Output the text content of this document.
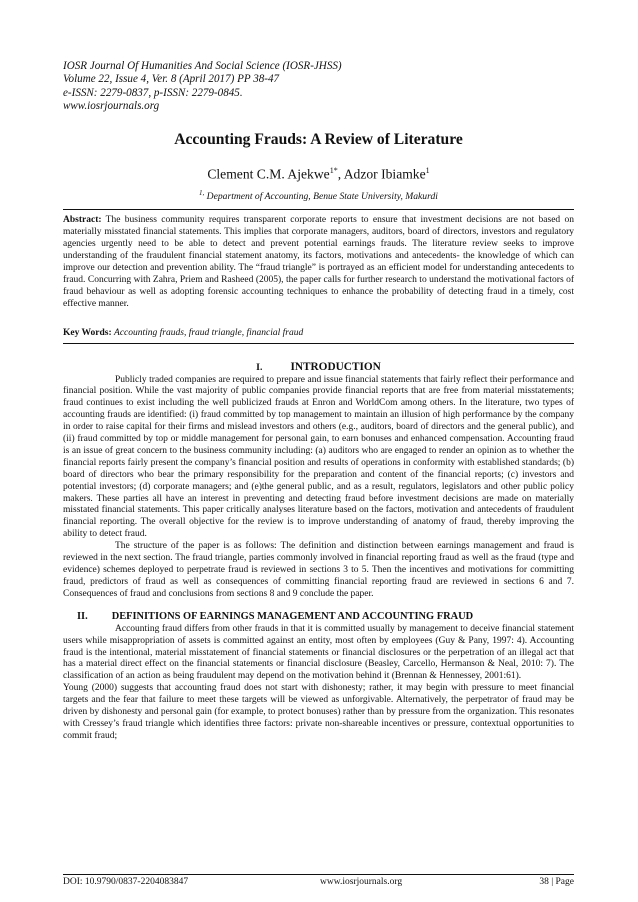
IOSR Journal Of Humanities And Social Science (IOSR-JHSS)
Volume 22, Issue 4, Ver. 8 (April 2017) PP 38-47
e-ISSN: 2279-0837, p-ISSN: 2279-0845.
www.iosrjournals.org
Accounting Frauds: A Review of Literature
Clement C.M. Ajekwe$^{1*}$, Adzor Ibiamke$^1$
$^{1,}$ Department of Accounting, Benue State University, Makurdi
Abstract: The business community requires transparent corporate reports to ensure that investment decisions are not based on materially misstated financial statements. This implies that corporate managers, auditors, board of directors, investors and regulatory agencies urgently need to be able to detect and prevent potential earnings frauds. The literature review seeks to improve understanding of the fraudulent financial statement anatomy, its factors, motivations and antecedents- the knowledge of which can improve our detection and prevention ability. The “fraud triangle” is portrayed as an efficient model for understanding antecedents to fraud. Concurring with Zahra, Priem and Rasheed (2005), the paper calls for further research to understand the motivational factors of fraud behaviour as well as adopting forensic accounting techniques to enhance the probability of detecting fraud in a timely, cost effective manner.
Key Words: Accounting frauds, fraud triangle, financial fraud
I. INTRODUCTION

Publicly traded companies are required to prepare and issue financial statements that fairly reflect their performance and financial position. While the vast majority of public companies provide financial reports that are free from material misstatements; fraud continues to exist including the well publicized frauds at Enron and WorldCom among others. In the literature, two types of accounting frauds are identified: (i) fraud committed by top management to maintain an illusion of high performance by the company in order to raise capital for their firms and mislead investors and others (e.g., auditors, board of directors and the general public), and (ii) fraud committed by top or middle management for personal gain, to earn bonuses and enhanced compensation. Accounting fraud is an issue of great concern to the business community including: (a) auditors who are engaged to render an opinion as to whether the financial reports fairly present the company’s financial position and results of operations in conformity with established standards; (b) board of directors who bear the primary responsibility for the preparation and content of the financial reports; (c) investors and potential investors; (d) corporate managers; and (e)the general public, and as a result, regulators, legislators and other public policy makers. These parties all have an interest in preventing and detecting fraud before investment decisions are made on materially misstated financial statements. This paper critically analyses literature based on the factors, motivation and antecedents of fraudulent financial reporting. The overall objective for the review is to improve understanding of anatomy of fraud, thereby improving the ability to detect fraud.

The structure of the paper is as follows: The definition and distinction between earnings management and fraud is reviewed in the next section. The fraud triangle, parties commonly involved in financial reporting fraud as well as the fraud (type and evidence) schemes deployed to perpetrate fraud is reviewed in sections 3 to 5. Then the incentives and motivations for committing fraud, predictors of fraud as well as consequences of committing financial reporting fraud are reviewed in sections 6 and 7. Consequences of fraud and conclusions from sections 8 and 9 conclude the paper.

II. DEFINITIONS OF EARNINGS MANAGEMENT AND ACCOUNTING FRAUD

Accounting fraud differs from other frauds in that it is committed usually by management to deceive financial statement users while misappropriation of assets is committed against an entity, most often by employees (Guy & Pany, 1997: 4). Accounting fraud is the intentional, material misstatement of financial statements or financial disclosures or the perpetration of an illegal act that has a material direct effect on the financial statements or financial disclosure (Beasley, Carcello, Hermanson & Neal, 2010: 7). The classification of an action as being fraudulent may depend on the motivation behind it (Brennan & Hennessey, 2001:61).

Young (2000) suggests that accounting fraud does not start with dishonesty; rather, it may begin with pressure to meet financial targets and the fear that failure to meet these targets will be viewed as unforgivable. Alternatively, the perpetrator of fraud may be driven by dishonesty and personal gain (for example, to protect bonuses) rather than by pressure from the organization. This resonates with Cressey’s fraud triangle which identifies three factors: private non-shareable incentives or pressure, contextual opportunities to commit fraud;

DOI: 10.9790/0837-2204083847	www.iosrjournals.org	38 | Page
